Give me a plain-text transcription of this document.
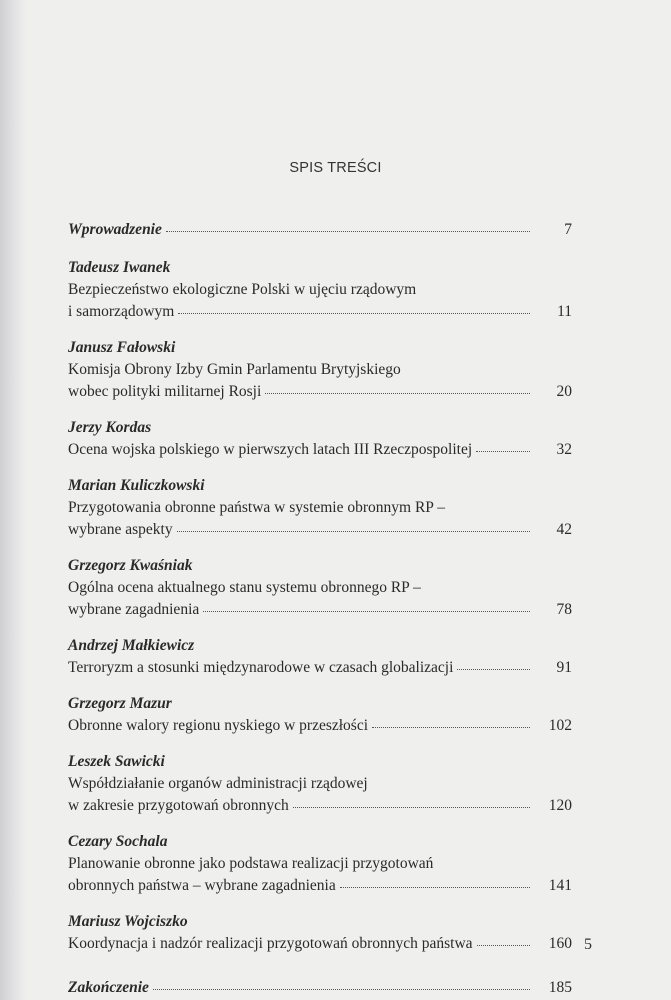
SPIS TREŚCI
Wprowadzenie	7
Tadeusz Iwanek
Bezpieczeństwo ekologiczne Polski w ujęciu rządowym
i samorządowym	11
Janusz Fałowski
Komisja Obrony Izby Gmin Parlamentu Brytyjskiego
wobec polityki militarnej Rosji	20
Jerzy Kordas
Ocena wojska polskiego w pierwszych latach III Rzeczpospolitej	32
Marian Kuliczkowski
Przygotowania obronne państwa w systemie obronnym RP –
wybrane aspekty	42
Grzegorz Kwaśniak
Ogólna ocena aktualnego stanu systemu obronnego RP –
wybrane zagadnienia	78
Andrzej Małkiewicz
Terroryzm a stosunki międzynarodowe w czasach globalizacji	91
Grzegorz Mazur
Obronne walory regionu nyskiego w przeszłości	102
Leszek Sawicki
Współdziałanie organów administracji rządowej
w zakresie przygotowań obronnych	120
Cezary Sochala
Planowanie obronne jako podstawa realizacji przygotowań
obronnych państwa – wybrane zagadnienia	141
Mariusz Wojciszko
Koordynacja i nadzór realizacji przygotowań obronnych państwa	160
Zakończenie	185
5
